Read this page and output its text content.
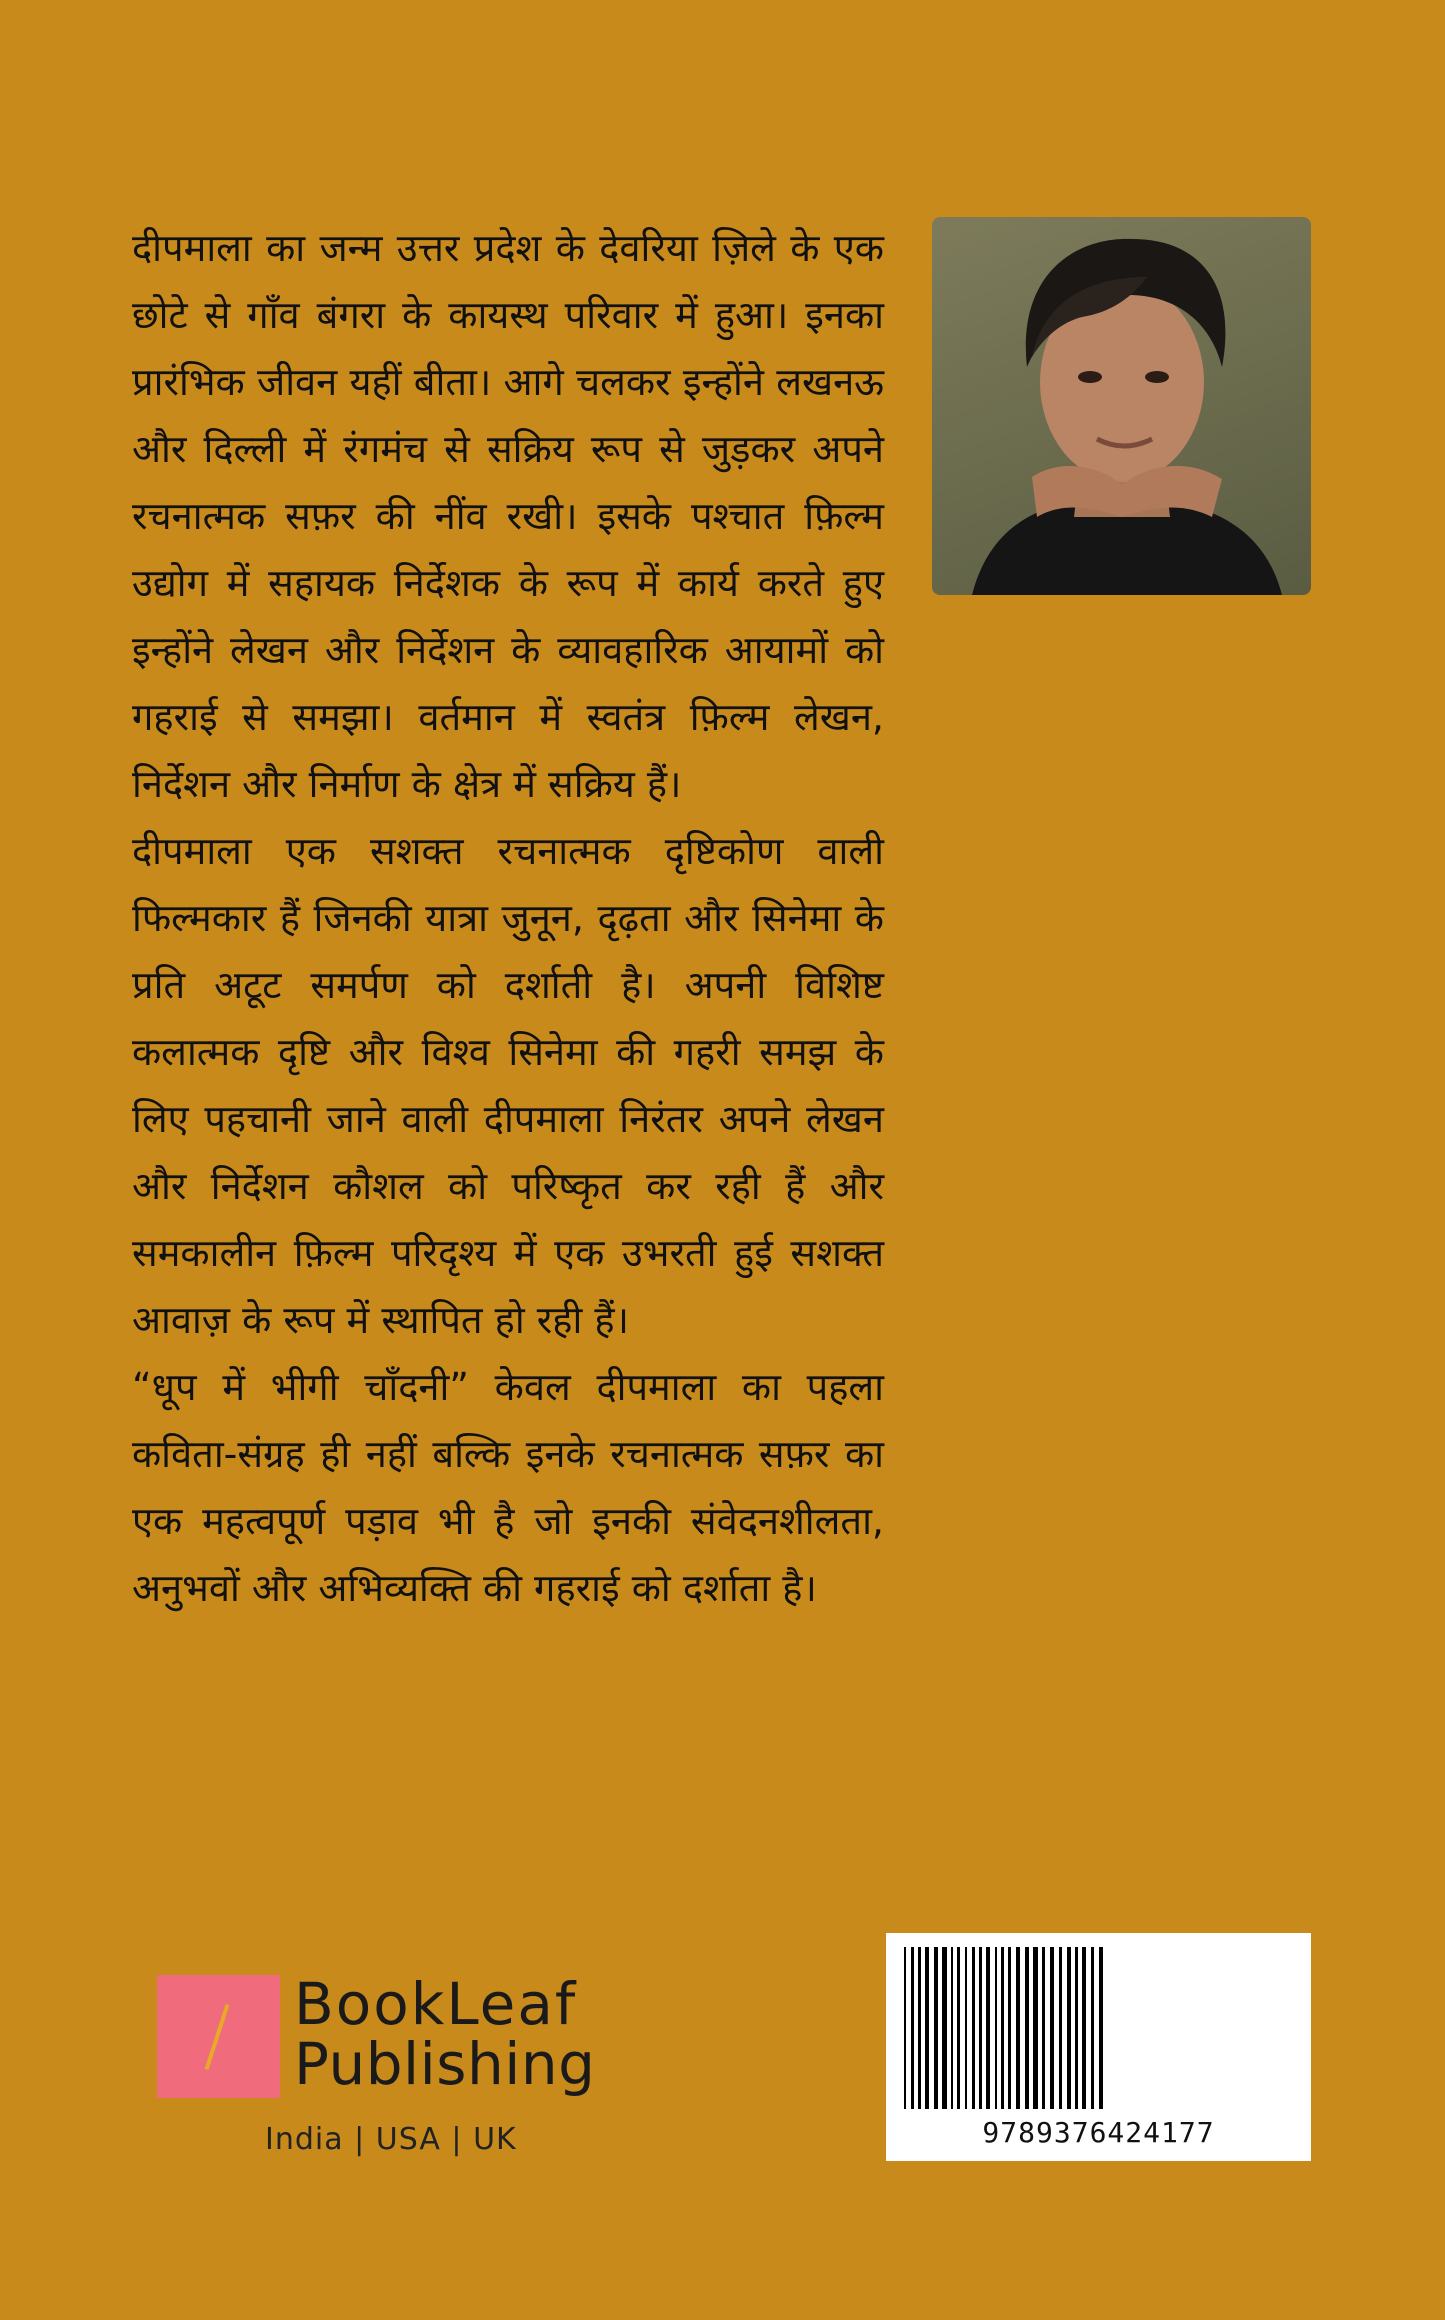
दीपमाला का जन्म उत्तर प्रदेश के देवरिया ज़िले के एक छोटे से गाँव बंगरा के कायस्थ परिवार में हुआ। इनका प्रारंभिक जीवन यहीं बीता। आगे चलकर इन्होंने लखनऊ और दिल्ली में रंगमंच से सक्रिय रूप से जुड़कर अपने रचनात्मक सफ़र की नींव रखी। इसके पश्चात फ़िल्म उद्योग में सहायक निर्देशक के रूप में कार्य करते हुए इन्होंने लेखन और निर्देशन के व्यावहारिक आयामों को गहराई से समझा। वर्तमान में स्वतंत्र फ़िल्म लेखन, निर्देशन और निर्माण के क्षेत्र में सक्रिय हैं।

दीपमाला एक सशक्त रचनात्मक दृष्टिकोण वाली फिल्मकार हैं जिनकी यात्रा जुनून, दृढ़ता और सिनेमा के प्रति अटूट समर्पण को दर्शाती है। अपनी विशिष्ट कलात्मक दृष्टि और विश्व सिनेमा की गहरी समझ के लिए पहचानी जाने वाली दीपमाला निरंतर अपने लेखन और निर्देशन कौशल को परिष्कृत कर रही हैं और समकालीन फ़िल्म परिदृश्य में एक उभरती हुई सशक्त आवाज़ के रूप में स्थापित हो रही हैं।

“धूप में भीगी चाँदनी” केवल दीपमाला का पहला कविता-संग्रह ही नहीं बल्कि इनके रचनात्मक सफ़र का एक महत्वपूर्ण पड़ाव भी है जो इनकी संवेदनशीलता, अनुभवों और अभिव्यक्ति की गहराई को दर्शाता है।

BookLeaf
Publishing
India | USA | UK	9789376424177
